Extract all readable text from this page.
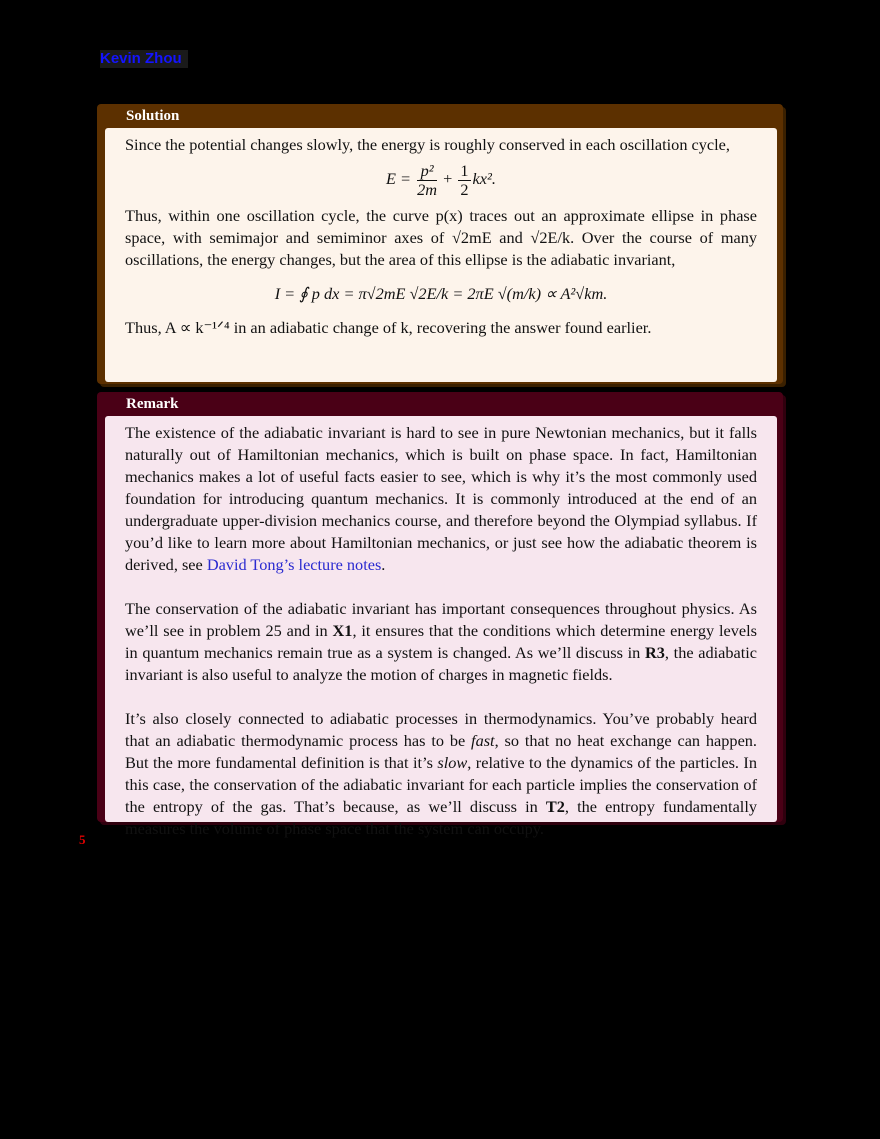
Kevin Zhou
Solution

Since the potential changes slowly, the energy is roughly conserved in each oscillation cycle,

$E = \frac{\text{p²}}{2m} + \frac{1}{2} kx^2$.

Thus, within one oscillation cycle, the curve p(x) traces out an approximate ellipse in phase space, with semimajor and semiminor axes of √2mE and √2E/k. Over the course of many oscillations, the energy changes, but the area of this ellipse is the adiabatic invariant,

I = ∮ p dx = π√2mE √2E/k = 2πE √(m/k) ∝ A²√km.

Thus, A ∝ k⁻¹ᐟ⁴ in an adiabatic change of k, recovering the answer found earlier.

Remark

The existence of the adiabatic invariant is hard to see in pure Newtonian mechanics, but it falls naturally out of Hamiltonian mechanics, which is built on phase space. In fact, Hamiltonian mechanics makes a lot of useful facts easier to see, which is why it’s the most commonly used foundation for introducing quantum mechanics. It is commonly introduced at the end of an undergraduate upper-division mechanics course, and therefore beyond the Olympiad syllabus. If you’d like to learn more about Hamiltonian mechanics, or just see how the adiabatic theorem is derived, see David Tong’s lecture notes.

The conservation of the adiabatic invariant has important consequences throughout physics. As we’ll see in problem 25 and in X1, it ensures that the conditions which determine energy levels in quantum mechanics remain true as a system is changed. As we’ll discuss in R3, the adiabatic invariant is also useful to analyze the motion of charges in magnetic fields.

It’s also closely connected to adiabatic processes in thermodynamics. You’ve probably heard that an adiabatic thermodynamic process has to be fast, so that no heat exchange can happen. But the more fundamental definition is that it’s slow, relative to the dynamics of the particles. In this case, the conservation of the adiabatic invariant for each particle implies the conservation of the entropy of the gas. That’s because, as we’ll discuss in T2, the entropy fundamentally measures the volume of phase space that the system can occupy.

5
